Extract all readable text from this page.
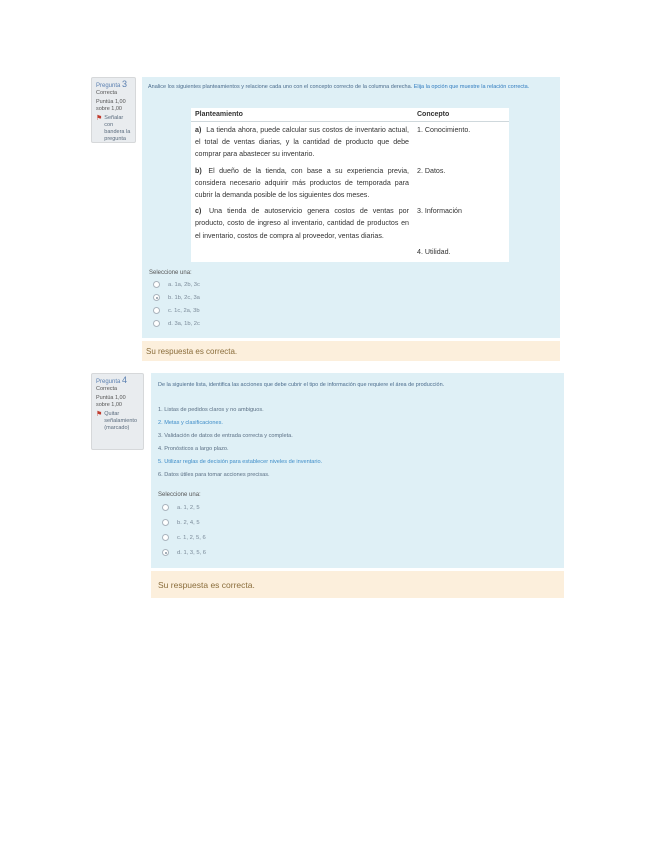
Pregunta 3
Correcta
Puntúa 1,00 sobre 1,00
⚑ Señalar con bandera la pregunta
Analice los siguientes planteamientos y relacione cada uno con el concepto correcto de la columna derecha. Elija la opción que muestre la relación correcta.
Planteamiento	Concepto
a) La tienda ahora, puede calcular sus costos de inventario actual, el total de ventas diarias, y la cantidad de producto que debe comprar para abastecer su inventario.	1. Conocimiento.
b) El dueño de la tienda, con base a su experiencia previa, considera necesario adquirir más productos de temporada para cubrir la demanda posible de los siguientes dos meses.	2. Datos.
c) Una tienda de autoservicio genera costos de ventas por producto, costo de ingreso al inventario, cantidad de productos en el inventario, costos de compra al proveedor, ventas diarias.	3. Información
	4. Utilidad.
Seleccione una:
a. 1a, 2b, 3c
b. 1b, 2c, 3a
c. 1c, 2a, 3b
d. 3a, 1b, 2c
Su respuesta es correcta.
Pregunta 4
Correcta
Puntúa 1,00 sobre 1,00
⚑ Quitar señalamiento (marcado)
De la siguiente lista, identifica las acciones que debe cubrir el tipo de información que requiere el área de producción.
1. Listas de pedidos claros y no ambiguos.
2. Metas y clasificaciones.
3. Validación de datos de entrada correcta y completa.
4. Pronósticos a largo plazo.
5. Utilizar reglas de decisión para establecer niveles de inventario.
6. Datos útiles para tomar acciones precisas.
Seleccione una:
a. 1, 2, 5
b. 2, 4, 5
c. 1, 2, 5, 6
d. 1, 3, 5, 6
Su respuesta es correcta.
